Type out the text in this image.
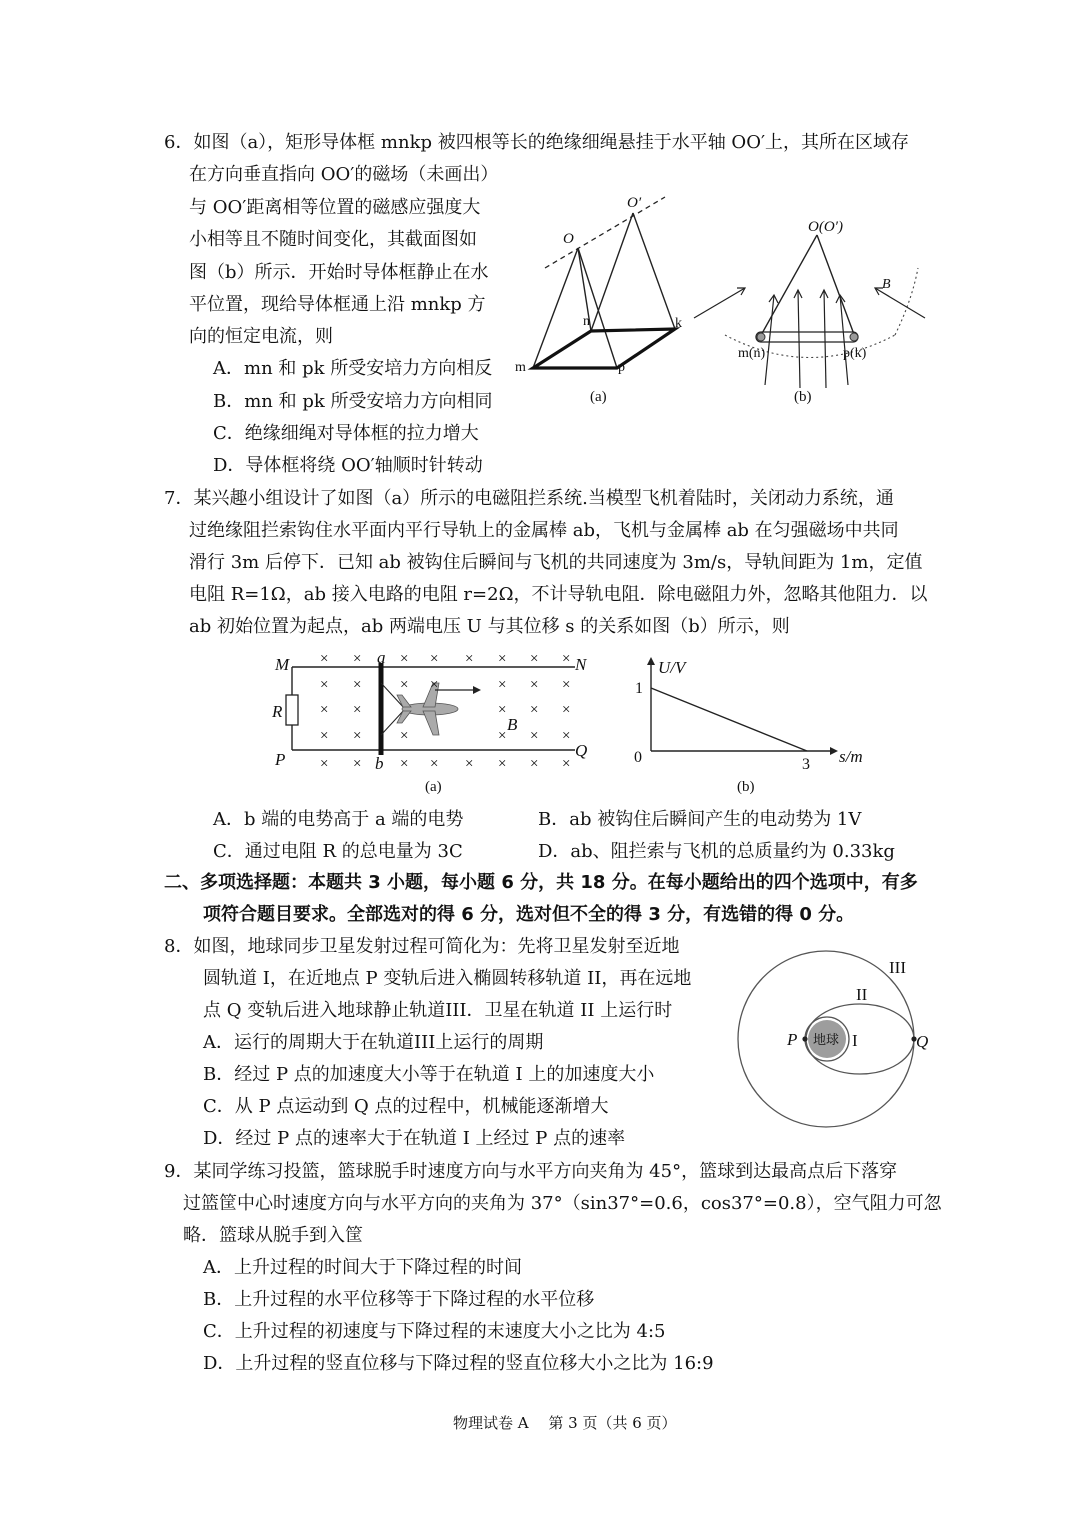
6．如图（a），矩形导体框 mnkp 被四根等长的绝缘细绳悬挂于水平轴 OO′上，其所在区域存
在方向垂直指向 OO′的磁场（未画出）
与 OO′距离相等位置的磁感应强度大
小相等且不随时间变化，其截面图如
图（b）所示．开始时导体框静止在水
平位置，现给导体框通上沿 mnkp 方
向的恒定电流，则
A．mn 和 pk 所受安培力方向相反
B．mn 和 pk 所受安培力方向相同
C．绝缘细绳对导体框的拉力增大
D．导体框将绕 OO′轴顺时针转动
O
O′
m
n	k
p
(a)
O(O′)
B
m(n)	p(k)
(b)
7．某兴趣小组设计了如图（a）所示的电磁阻拦系统.当模型飞机着陆时，关闭动力系统，通
过绝缘阻拦索钩住水平面内平行导轨上的金属棒 ab，飞机与金属棒 ab 在匀强磁场中共同
滑行 3m 后停下．已知 ab 被钩住后瞬间与飞机的共同速度为 3m/s，导轨间距为 1m，定值
电阻 R=1Ω，ab 接入电路的电阻 r=2Ω，不计导轨电阻．除电磁阻力外，忽略其他阻力．以
ab 初始位置为起点，ab 两端电压 U 与其位移 s 的关系如图（b）所示，则
× ×	× × × × × ×
× ×	× ×	× × ×
× ×	× × ×
× ×	×	× × ×
× ×	× × × × × ×
M	N
P	Q
R
a
b
B
(a)
U/V
s/m
1
0	3
(b)
A．b 端的电势高于 a 端的电势	B．ab 被钩住后瞬间产生的电动势为 1V
C．通过电阻 R 的总电量为 3C	D．ab、阻拦索与飞机的总质量约为 0.33kg
二、多项选择题：本题共 3 小题，每小题 6 分，共 18 分。在每小题给出的四个选项中，有多
项符合题目要求。全部选对的得 6 分，选对但不全的得 3 分，有选错的得 0 分。
8．如图，地球同步卫星发射过程可简化为：先将卫星发射至近地
圆轨道 I，在近地点 P 变轨后进入椭圆转移轨道 II，再在远地
点 Q 变轨后进入地球静止轨道III．卫星在轨道 II 上运行时
A．运行的周期大于在轨道III上运行的周期
B．经过 P 点的加速度大小等于在轨道 I 上的加速度大小
C．从 P 点运动到 Q 点的过程中，机械能逐渐增大
D．经过 P 点的速率大于在轨道 I 上经过 P 点的速率
地球
P	Q
I
II
III
9．某同学练习投篮，篮球脱手时速度方向与水平方向夹角为 45°，篮球到达最高点后下落穿
过篮筐中心时速度方向与水平方向的夹角为 37°（sin37°=0.6，cos37°=0.8），空气阻力可忽
略．篮球从脱手到入筐
A．上升过程的时间大于下降过程的时间
B．上升过程的水平位移等于下降过程的水平位移
C．上升过程的初速度与下降过程的末速度大小之比为 4:5
D．上升过程的竖直位移与下降过程的竖直位移大小之比为 16:9
物理试卷 A　 第 3 页（共 6 页）
